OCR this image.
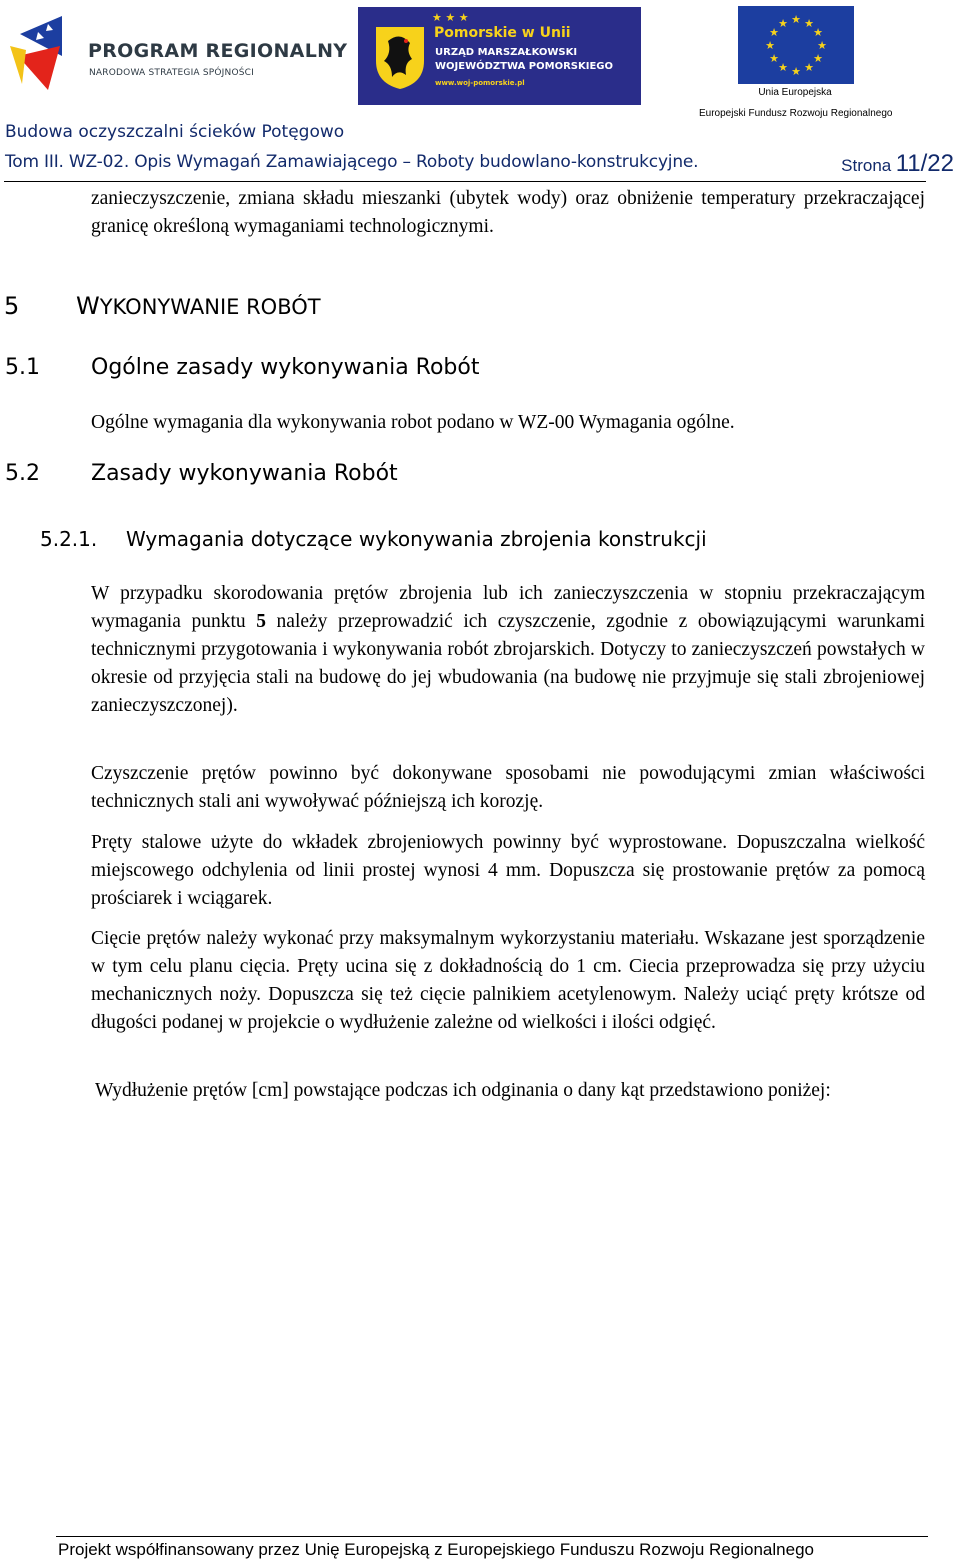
PROGRAM REGIONALNY
NARODOWA STRATEGIA SPÓJNOŚCI
★ ★ ★
Pomorskie w Unii
URZĄD MARSZAŁKOWSKI
WOJEWÓDZTWA POMORSKIEGO
www.woj-pomorskie.pl
★ ★
★
★
★
★
★
★
★
★
★
★
Unia Europejska
Europejski Fundusz Rozwoju Regionalnego
Budowa oczyszczalni ścieków Potęgowo
Tom III. WZ-02. Opis Wymagań Zamawiającego – Roboty budowlano-konstrukcyjne.	Strona 11/22

zanieczyszczenie, zmiana składu mieszanki (ubytek wody) oraz obniżenie temperatury przekraczającej granicę określoną wymaganiami technologicznymi.

5 WYKONYWANIE ROBÓT
5.1 Ogólne zasady wykonywania Robót

Ogólne wymagania dla wykonywania robot podano w WZ-00 Wymagania ogólne.

5.2 Zasady wykonywania Robót
5.2.1. Wymagania dotyczące wykonywania zbrojenia konstrukcji

W przypadku skorodowania prętów zbrojenia lub ich zanieczyszczenia w stopniu przekraczającym wymagania punktu 5 należy przeprowadzić ich czyszczenie, zgodnie z obowiązującymi warunkami technicznymi przygotowania i wykonywania robót zbrojarskich. Dotyczy to zanieczyszczeń powstałych w okresie od przyjęcia stali na budowę do jej wbudowania (na budowę nie przyjmuje się stali zbrojeniowej zanieczyszczonej).

Czyszczenie prętów powinno być dokonywane sposobami nie powodującymi zmian właściwości technicznych stali ani wywoływać późniejszą ich korozję.

Pręty stalowe użyte do wkładek zbrojeniowych powinny być wyprostowane. Dopuszczalna wielkość miejscowego odchylenia od linii prostej wynosi 4 mm. Dopuszcza się prostowanie prętów za pomocą prościarek i wciągarek.

Cięcie prętów należy wykonać przy maksymalnym wykorzystaniu materiału. Wskazane jest sporządzenie w tym celu planu cięcia. Pręty ucina się z dokładnością do 1 cm. Ciecia przeprowadza się przy użyciu mechanicznych noży. Dopuszcza się też cięcie palnikiem acetylenowym. Należy uciąć pręty krótsze od długości podanej w projekcie o wydłużenie zależne od wielkości i ilości odgięć.

Wydłużenie prętów [cm] powstające podczas ich odginania o dany kąt przedstawiono poniżej:

Projekt współfinansowany przez Unię Europejską z Europejskiego Funduszu Rozwoju Regionalnego
